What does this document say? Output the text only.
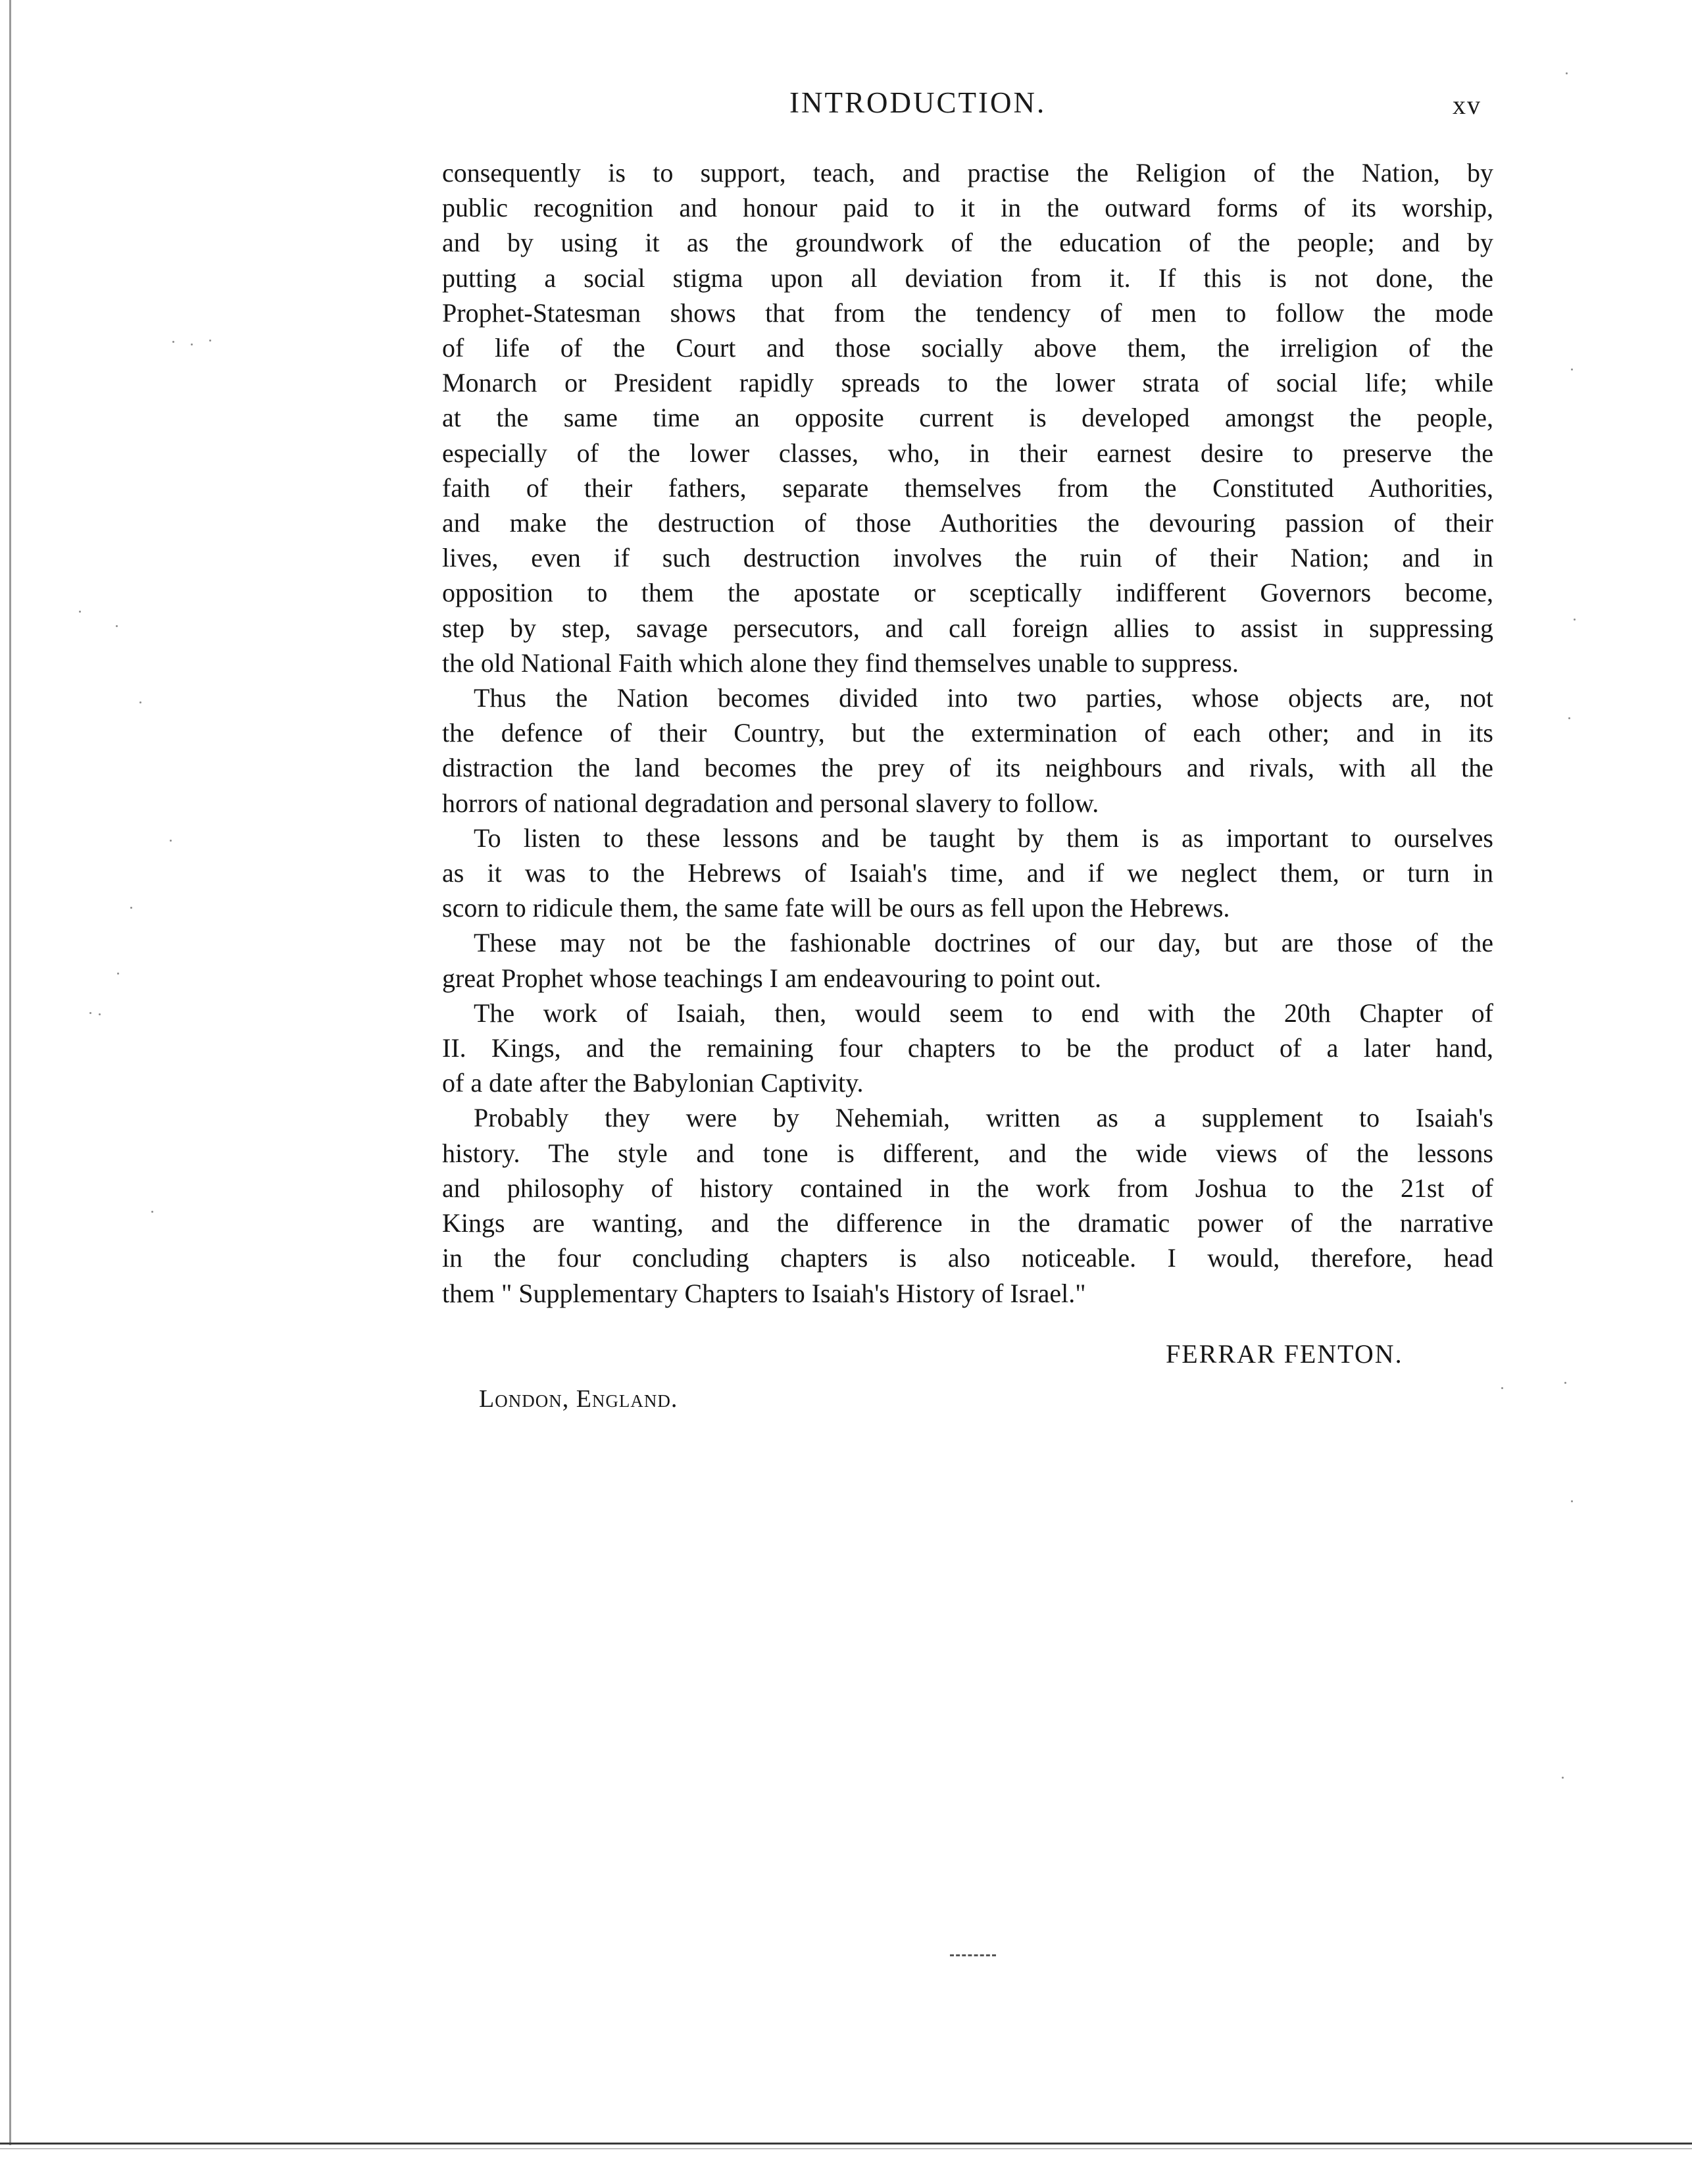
INTRODUCTION.	xv

consequently is to support, teach, and practise the Religion of the Nation, by
public recognition and honour paid to it in the outward forms of its worship,
and by using it as the groundwork of the education of the people; and by
putting a social stigma upon all deviation from it. If this is not done, the
Prophet-Statesman shows that from the tendency of men to follow the mode
of life of the Court and those socially above them, the irreligion of the
Monarch or President rapidly spreads to the lower strata of social life; while
at the same time an opposite current is developed amongst the people,
especially of the lower classes, who, in their earnest desire to preserve the
faith of their fathers, separate themselves from the Constituted Authorities,
and make the destruction of those Authorities the devouring passion of their
lives, even if such destruction involves the ruin of their Nation; and in
opposition to them the apostate or sceptically indifferent Governors become,
step by step, savage persecutors, and call foreign allies to assist in suppressing

the old National Faith which alone they find themselves unable to suppress.

Thus the Nation becomes divided into two parties, whose objects are, not
the defence of their Country, but the extermination of each other; and in its
distraction the land becomes the prey of its neighbours and rivals, with all the

horrors of national degradation and personal slavery to follow.

To listen to these lessons and be taught by them is as important to ourselves
as it was to the Hebrews of Isaiah's time, and if we neglect them, or turn in

scorn to ridicule them, the same fate will be ours as fell upon the Hebrews.

These may not be the fashionable doctrines of our day, but are those of the

great Prophet whose teachings I am endeavouring to point out.

The work of Isaiah, then, would seem to end with the 20th Chapter of
II. Kings, and the remaining four chapters to be the product of a later hand,

of a date after the Babylonian Captivity.

Probably they were by Nehemiah, written as a supplement to Isaiah's
history. The style and tone is different, and the wide views of the lessons
and philosophy of history contained in the work from Joshua to the 21st of
Kings are wanting, and the difference in the dramatic power of the narrative
in the four concluding chapters is also noticeable. I would, therefore, head

them " Supplementary Chapters to Isaiah's History of Israel."

FERRAR FENTON.
London, England.
